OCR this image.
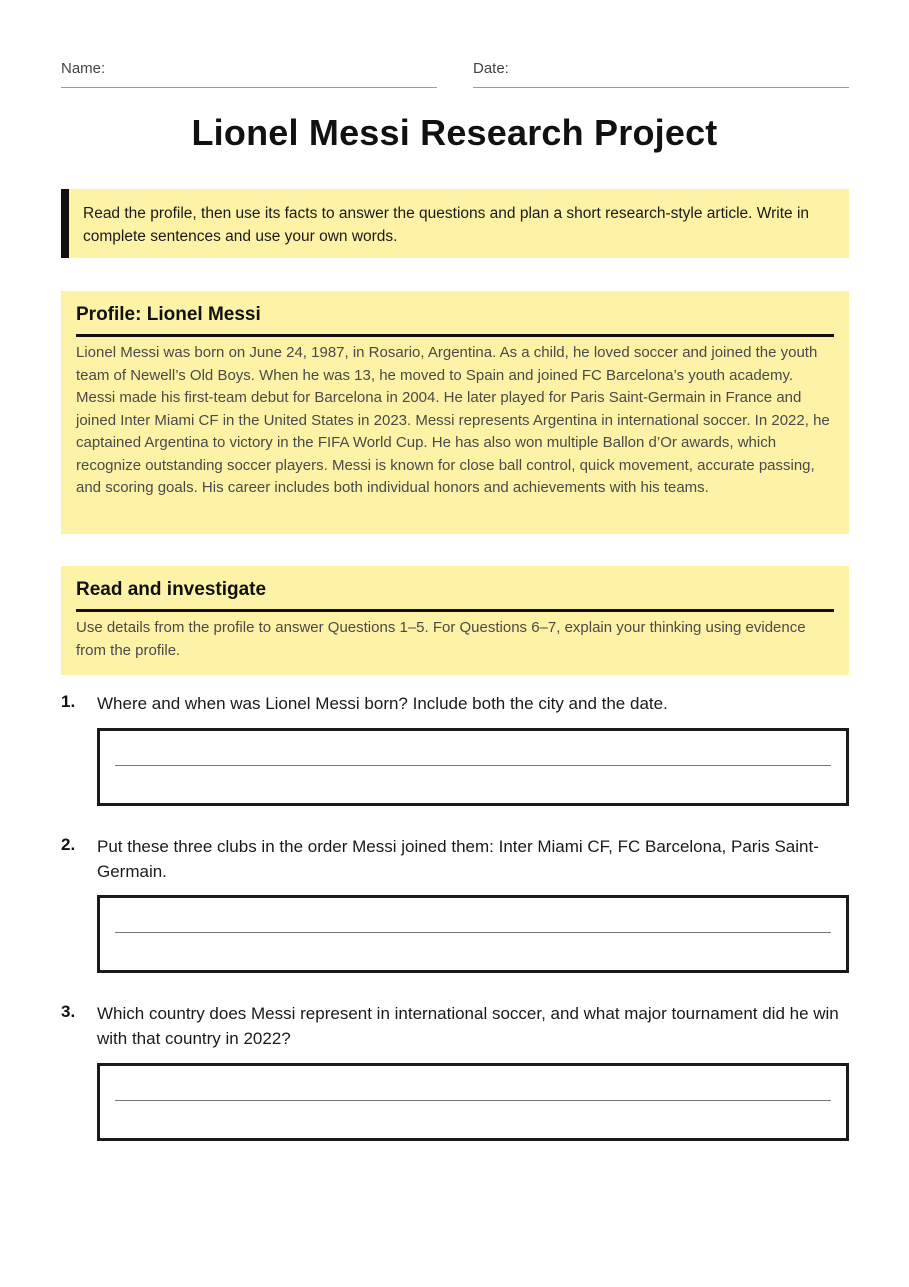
Name:	Date:
Lionel Messi Research Project
Read the profile, then use its facts to answer the questions and plan a short research-style article. Write in complete sentences and use your own words.
Profile: Lionel Messi

Lionel Messi was born on June 24, 1987, in Rosario, Argentina. As a child, he loved soccer and joined the youth team of Newell’s Old Boys. When he was 13, he moved to Spain and joined FC Barcelona’s youth academy. Messi made his first-team debut for Barcelona in 2004. He later played for Paris Saint-Germain in France and joined Inter Miami CF in the United States in 2023. Messi represents Argentina in international soccer. In 2022, he captained Argentina to victory in the FIFA World Cup. He has also won multiple Ballon d’Or awards, which recognize outstanding soccer players. Messi is known for close ball control, quick movement, accurate passing, and scoring goals. His career includes both individual honors and achievements with his teams.

Read and investigate

Use details from the profile to answer Questions 1–5. For Questions 6–7, explain your thinking using evidence from the profile.

1. Where and when was Lionel Messi born? Include both the city and the date.
2. Put these three clubs in the order Messi joined them: Inter Miami CF, FC Barcelona, Paris Saint-Germain.
3. Which country does Messi represent in international soccer, and what major tournament did he win with that country in 2022?
